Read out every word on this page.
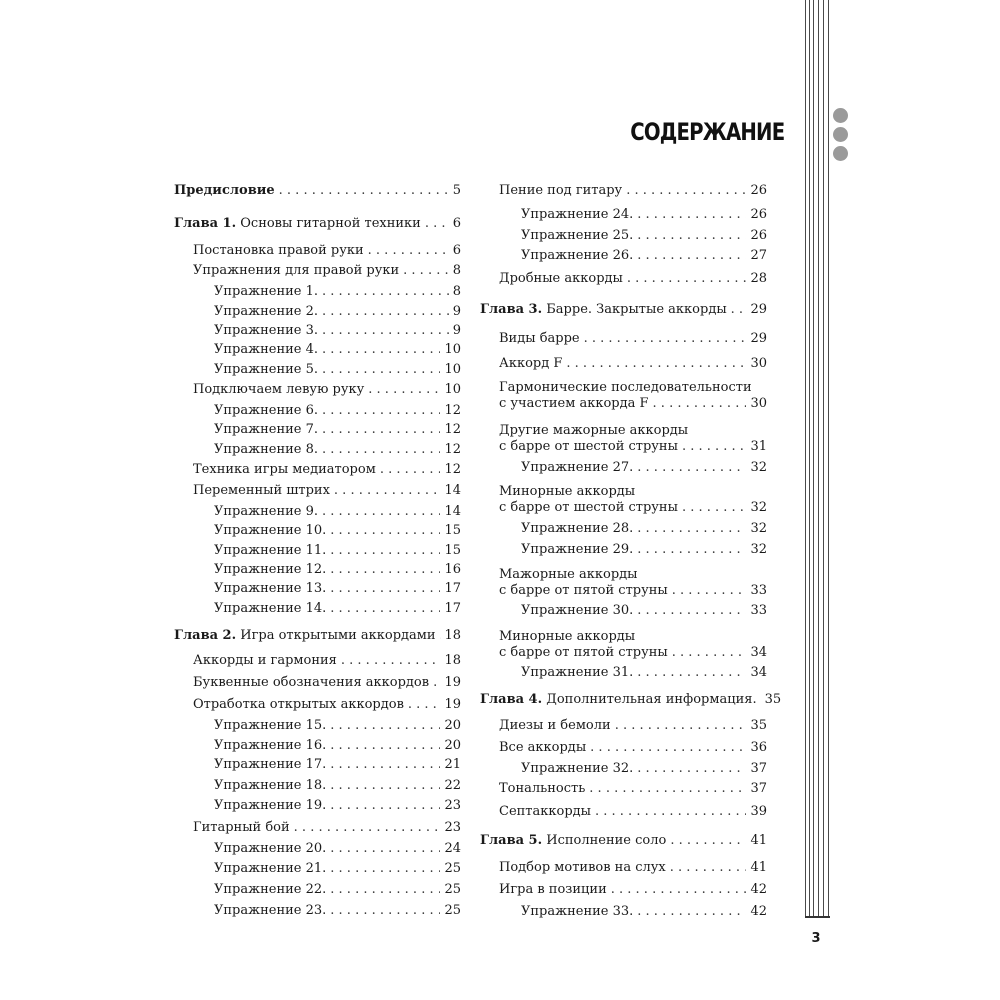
СОДЕРЖАНИЕ
Предисловие . . .	5
Глава 1. Основы гитарной техники . . . 6
Постановка правой руки . . .	6
Упражнения для правой руки . . .	8
Упражнение 1. . . .	8
Упражнение 2. . . .	9
Упражнение 3. . . .	9
Упражнение 4. . . .	10
Упражнение 5. . . .	10
Подключаем левую руку . . .	10
Упражнение 6. . . .	12
Упражнение 7. . . .	12
Упражнение 8. . . .	12
Техника игры медиатором . . .	12
Переменный штрих . . .	14
Упражнение 9. . . .	14
Упражнение 10. . . .	15
Упражнение 11. . . .	15
Упражнение 12. . . .	16
Упражнение 13. . . .	17
Упражнение 14. . . .	17
Глава 2. Игра открытыми аккордами . . . 18
Аккорды и гармония . . .	18
Буквенные обозначения аккордов . . . 19
Отработка открытых аккордов . . .	19
Упражнение 15. . . .	20
Упражнение 16. . . .	20
Упражнение 17. . . .	21
Упражнение 18. . . .	22
Упражнение 19. . . .	23
Гитарный бой . . .	23
Упражнение 20. . . .	24
Упражнение 21. . . .	25
Упражнение 22. . . .	25
Упражнение 23. . . .	25
Пение под гитару . . .	26
Упражнение 24. . . .	26
Упражнение 25. . . .	26
Упражнение 26. . . .	27
Дробные аккорды . . .	28
Глава 3. Барре. Закрытые аккорды . . . 29
Виды барре . . .	29
Аккорд F . . .	30
Гармонические последовательности
с участием аккорда F . . .	30
Другие мажорные аккорды
с барре от шестой струны . . .	31
Упражнение 27. . . .	32
Минорные аккорды
с барре от шестой струны . . .	32
Упражнение 28. . . .	32
Упражнение 29. . . .	32
Мажорные аккорды
с барре от пятой струны . . .	33
Упражнение 30. . . .	33
Минорные аккорды
с барре от пятой струны . . .	34
Упражнение 31. . . .	34
Глава 4. Дополнительная информация. 35
Диезы и бемоли . . .	35
Все аккорды . . .	36
Упражнение 32. . . .	37
Тональность . . .	37
Септаккорды . . .	39
Глава 5. Исполнение соло . . .	41
Подбор мотивов на слух . . .	41
Игра в позиции . . .	42
Упражнение 33. . . .	42
3
